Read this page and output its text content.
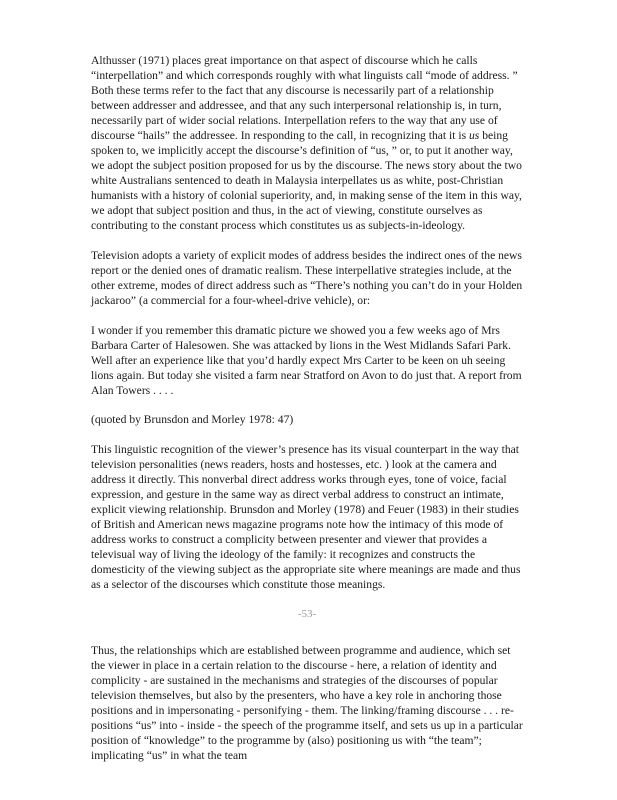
Althusser (1971) places great importance on that aspect of discourse which he calls “interpellation” and which corresponds roughly with what linguists call “mode of address. ” Both these terms refer to the fact that any discourse is necessarily part of a relationship between addresser and addressee, and that any such interpersonal relationship is, in turn, necessarily part of wider social relations. Interpellation refers to the way that any use of discourse “hails” the addressee. In responding to the call, in recognizing that it is us being spoken to, we implicitly accept the discourse’s definition of “us, ” or, to put it another way, we adopt the subject position proposed for us by the discourse. The news story about the two white Australians sentenced to death in Malaysia interpellates us as white, post-Christian humanists with a history of colonial superiority, and, in making sense of the item in this way, we adopt that subject position and thus, in the act of viewing, constitute ourselves as contributing to the constant process which constitutes us as subjects-in-ideology.

Television adopts a variety of explicit modes of address besides the indirect ones of the news report or the denied ones of dramatic realism. These interpellative strategies include, at the other extreme, modes of direct address such as “There’s nothing you can’t do in your Holden jackaroo” (a commercial for a four-wheel-drive vehicle), or:

I wonder if you remember this dramatic picture we showed you a few weeks ago of Mrs Barbara Carter of Halesowen. She was attacked by lions in the West Midlands Safari Park. Well after an experience like that you’d hardly expect Mrs Carter to be keen on uh seeing lions again. But today she visited a farm near Stratford on Avon to do just that. A report from Alan Towers . . . .

(quoted by Brunsdon and Morley 1978: 47)

This linguistic recognition of the viewer’s presence has its visual counterpart in the way that television personalities (news readers, hosts and hostesses, etc. ) look at the camera and address it directly. This nonverbal direct address works through eyes, tone of voice, facial expression, and gesture in the same way as direct verbal address to construct an intimate, explicit viewing relationship. Brunsdon and Morley (1978) and Feuer (1983) in their studies of British and American news magazine programs note how the intimacy of this mode of address works to construct a complicity between presenter and viewer that provides a televisual way of living the ideology of the family: it recognizes and constructs the domesticity of the viewing subject as the appropriate site where meanings are made and thus as a selector of the discourses which constitute those meanings.

-53-

Thus, the relationships which are established between programme and audience, which set the viewer in place in a certain relation to the discourse - here, a relation of identity and complicity - are sustained in the mechanisms and strategies of the discourses of popular television themselves, but also by the presenters, who have a key role in anchoring those positions and in impersonating - personifying - them. The linking/framing discourse . . . re-positions “us” into - inside - the speech of the programme itself, and sets us up in a particular position of “knowledge” to the programme by (also) positioning us with “the team”; implicating “us” in what the team
